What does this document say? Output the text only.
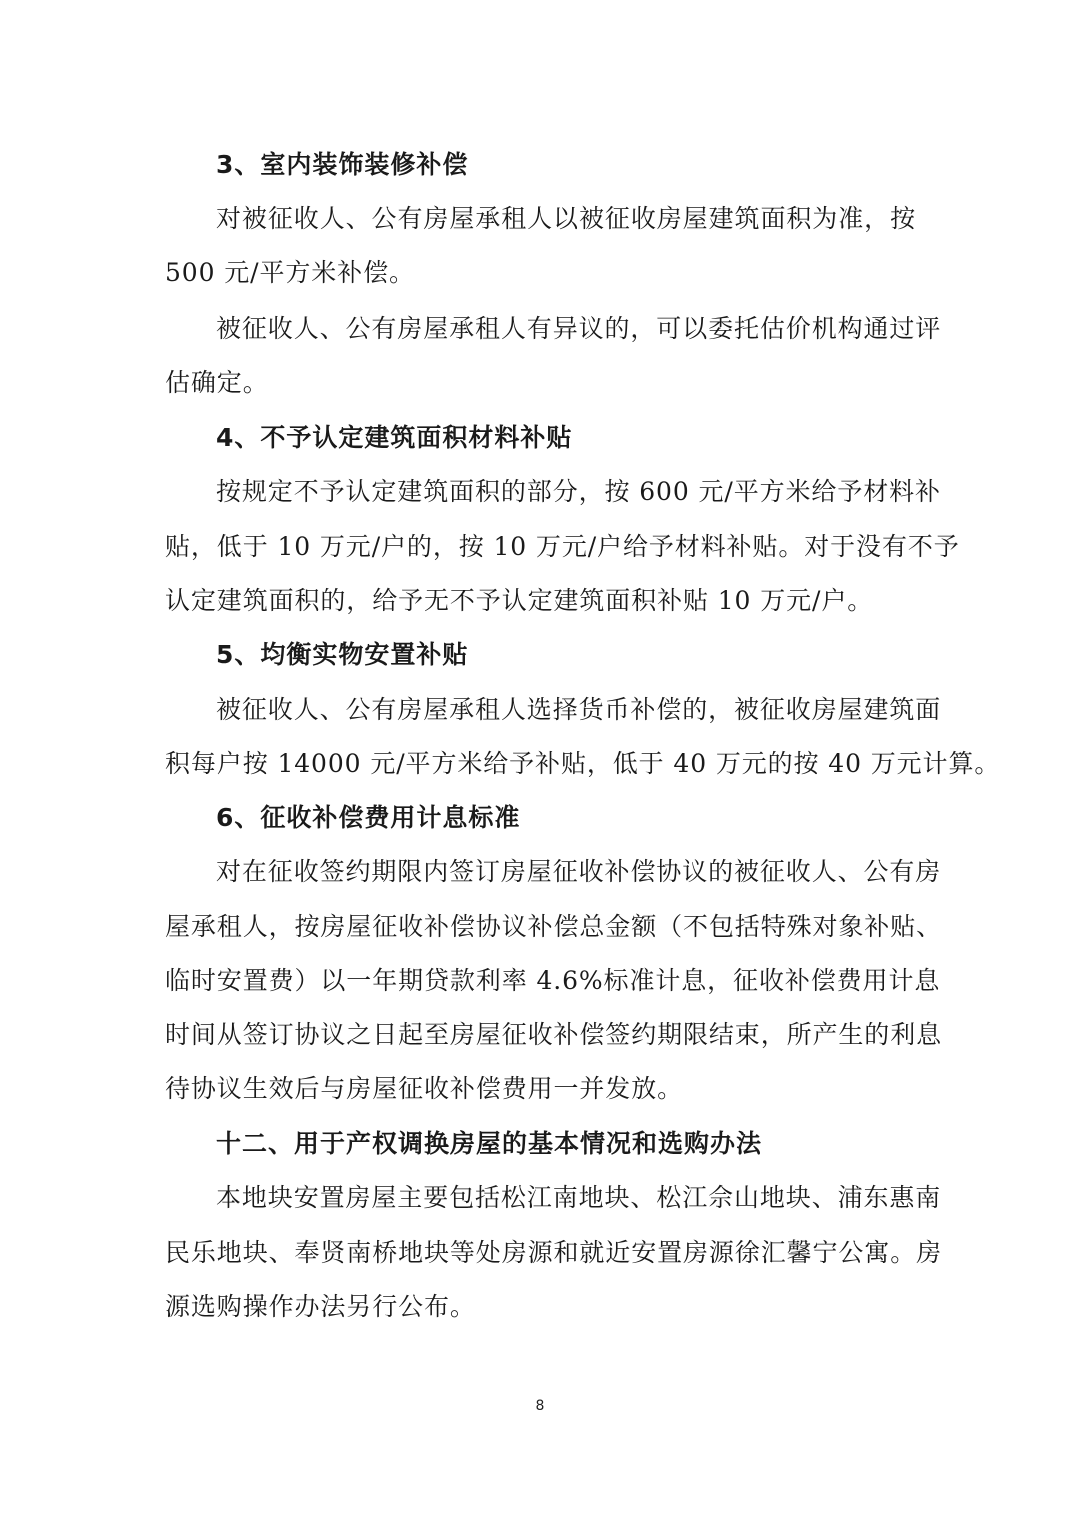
3、室内装饰装修补偿
对被征收人、公有房屋承租人以被征收房屋建筑面积为准，按
500 元/平方米补偿。
被征收人、公有房屋承租人有异议的，可以委托估价机构通过评
估确定。
4、不予认定建筑面积材料补贴
按规定不予认定建筑面积的部分，按 600 元/平方米给予材料补
贴，低于 10 万元/户的，按 10 万元/户给予材料补贴。对于没有不予
认定建筑面积的，给予无不予认定建筑面积补贴 10 万元/户。
5、均衡实物安置补贴
被征收人、公有房屋承租人选择货币补偿的，被征收房屋建筑面
积每户按 14000 元/平方米给予补贴，低于 40 万元的按 40 万元计算。
6、征收补偿费用计息标准
对在征收签约期限内签订房屋征收补偿协议的被征收人、公有房
屋承租人，按房屋征收补偿协议补偿总金额（不包括特殊对象补贴、
临时安置费）以一年期贷款利率 4.6%标准计息，征收补偿费用计息
时间从签订协议之日起至房屋征收补偿签约期限结束，所产生的利息
待协议生效后与房屋征收补偿费用一并发放。
十二、用于产权调换房屋的基本情况和选购办法
本地块安置房屋主要包括松江南地块、松江佘山地块、浦东惠南
民乐地块、奉贤南桥地块等处房源和就近安置房源徐汇馨宁公寓。房
源选购操作办法另行公布。
8
